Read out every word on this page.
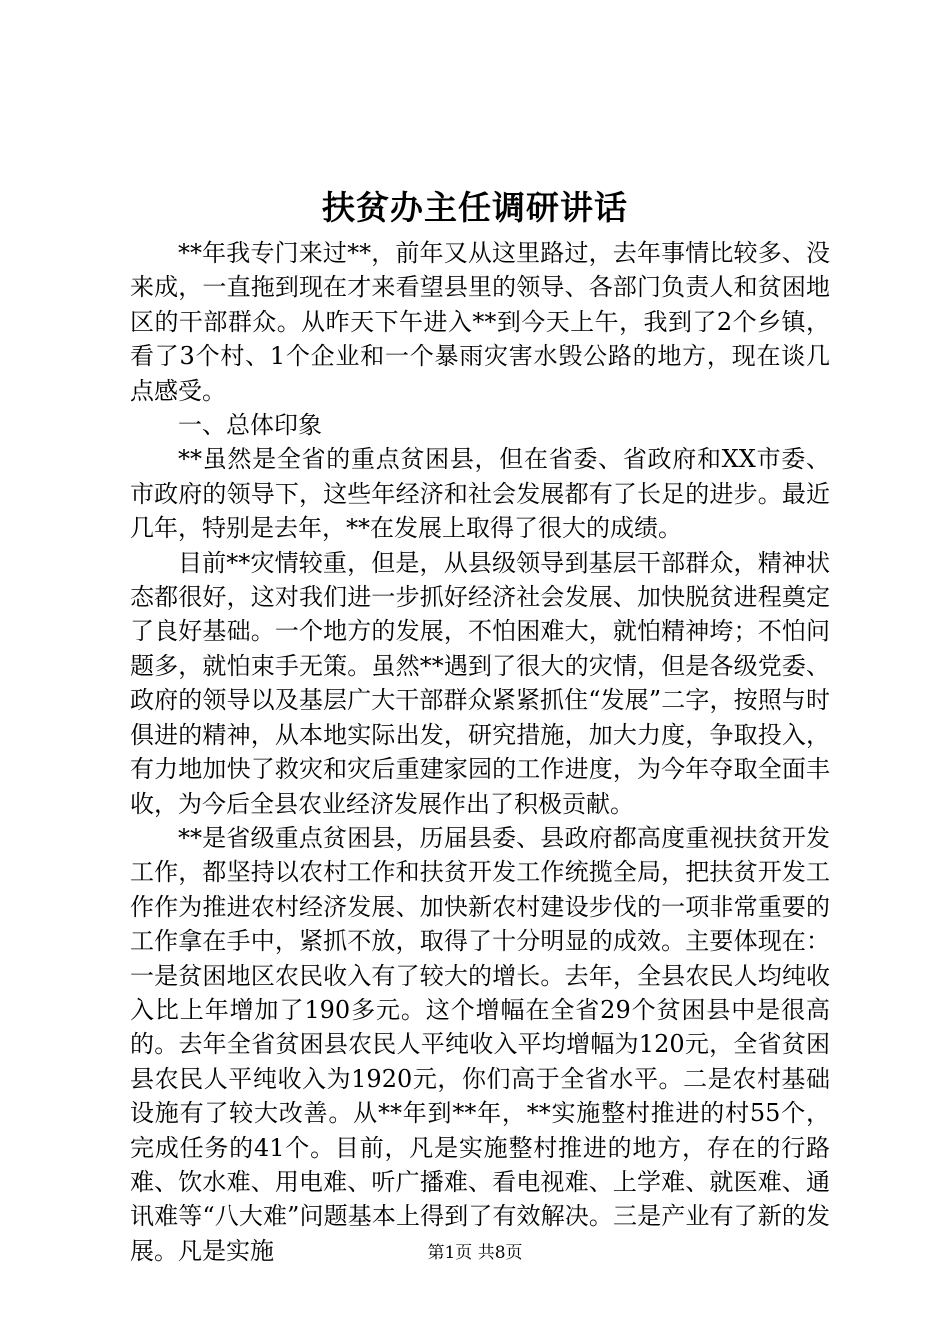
扶贫办主任调研讲话

**年我专门来过**，前年又从这里路过，去年事情比较多、没来成，一直拖到现在才来看望县里的领导、各部门负责人和贫困地区的干部群众。从昨天下午进入**到今天上午，我到了2个乡镇，看了3个村、1个企业和一个暴雨灾害水毁公路的地方，现在谈几点感受。

一、总体印象

**虽然是全省的重点贫困县，但在省委、省政府和XX市委、市政府的领导下，这些年经济和社会发展都有了长足的进步。最近几年，特别是去年，**在发展上取得了很大的成绩。

目前**灾情较重，但是，从县级领导到基层干部群众，精神状态都很好，这对我们进一步抓好经济社会发展、加快脱贫进程奠定了良好基础。一个地方的发展，不怕困难大，就怕精神垮；不怕问题多，就怕束手无策。虽然**遇到了很大的灾情，但是各级党委、政府的领导以及基层广大干部群众紧紧抓住“发展”二字，按照与时俱进的精神，从本地实际出发，研究措施，加大力度，争取投入，有力地加快了救灾和灾后重建家园的工作进度，为今年夺取全面丰收，为今后全县农业经济发展作出了积极贡献。

**是省级重点贫困县，历届县委、县政府都高度重视扶贫开发工作，都坚持以农村工作和扶贫开发工作统揽全局，把扶贫开发工作作为推进农村经济发展、加快新农村建设步伐的一项非常重要的工作拿在手中，紧抓不放，取得了十分明显的成效。主要体现在：一是贫困地区农民收入有了较大的增长。去年，全县农民人均纯收入比上年增加了190多元。这个增幅在全省29个贫困县中是很高的。去年全省贫困县农民人平纯收入平均增幅为120元，全省贫困县农民人平纯收入为1920元，你们高于全省水平。二是农村基础设施有了较大改善。从**年到**年，**实施整村推进的村55个，完成任务的41个。目前，凡是实施整村推进的地方，存在的行路难、饮水难、用电难、听广播难、看电视难、上学难、就医难、通讯难等“八大难”问题基本上得到了有效解决。三是产业有了新的发展。凡是实施	第1页 共8页
